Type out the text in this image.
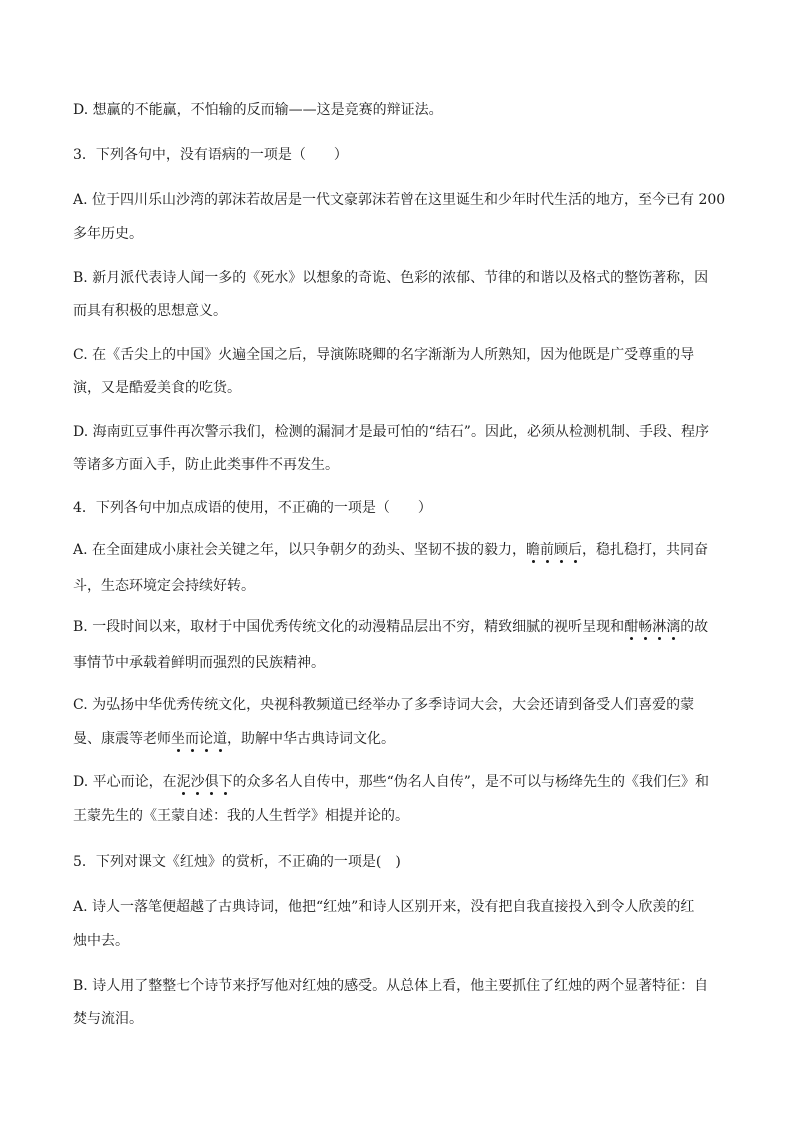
D. 想赢的不能赢，不怕输的反而输——这是竞赛的辩证法。
3．下列各句中，没有语病的一项是（　　）
A. 位于四川乐山沙湾的郭沫若故居是一代文豪郭沫若曾在这里诞生和少年时代生活的地方，至今已有 200
多年历史。
B. 新月派代表诗人闻一多的《死水》以想象的奇诡、色彩的浓郁、节律的和谐以及格式的整饬著称，因
而具有积极的思想意义。
C. 在《舌尖上的中国》火遍全国之后，导演陈晓卿的名字渐渐为人所熟知，因为他既是广受尊重的导
演，又是酷爱美食的吃货。
D. 海南豇豆事件再次警示我们，检测的漏洞才是最可怕的“结石”。因此，必须从检测机制、手段、程序
等诸多方面入手，防止此类事件不再发生。
4．下列各句中加点成语的使用，不正确的一项是（　　）
A. 在全面建成小康社会关键之年，以只争朝夕的劲头、坚韧不拔的毅力，瞻前顾后，稳扎稳打，共同奋
斗，生态环境定会持续好转。
B. 一段时间以来，取材于中国优秀传统文化的动漫精品层出不穷，精致细腻的视听呈现和酣畅淋漓的故
事情节中承载着鲜明而强烈的民族精神。
C. 为弘扬中华优秀传统文化，央视科教频道已经举办了多季诗词大会，大会还请到备受人们喜爱的蒙
曼、康震等老师坐而论道，助解中华古典诗词文化。
D. 平心而论，在泥沙俱下的众多名人自传中，那些“伪名人自传”，是不可以与杨绛先生的《我们仨》和
王蒙先生的《王蒙自述：我的人生哲学》相提并论的。
5．下列对课文《红烛》的赏析，不正确的一项是(　)
A. 诗人一落笔便超越了古典诗词，他把“红烛”和诗人区别开来，没有把自我直接投入到令人欣羡的红
烛中去。
B. 诗人用了整整七个诗节来抒写他对红烛的感受。从总体上看，他主要抓住了红烛的两个显著特征：自
焚与流泪。
